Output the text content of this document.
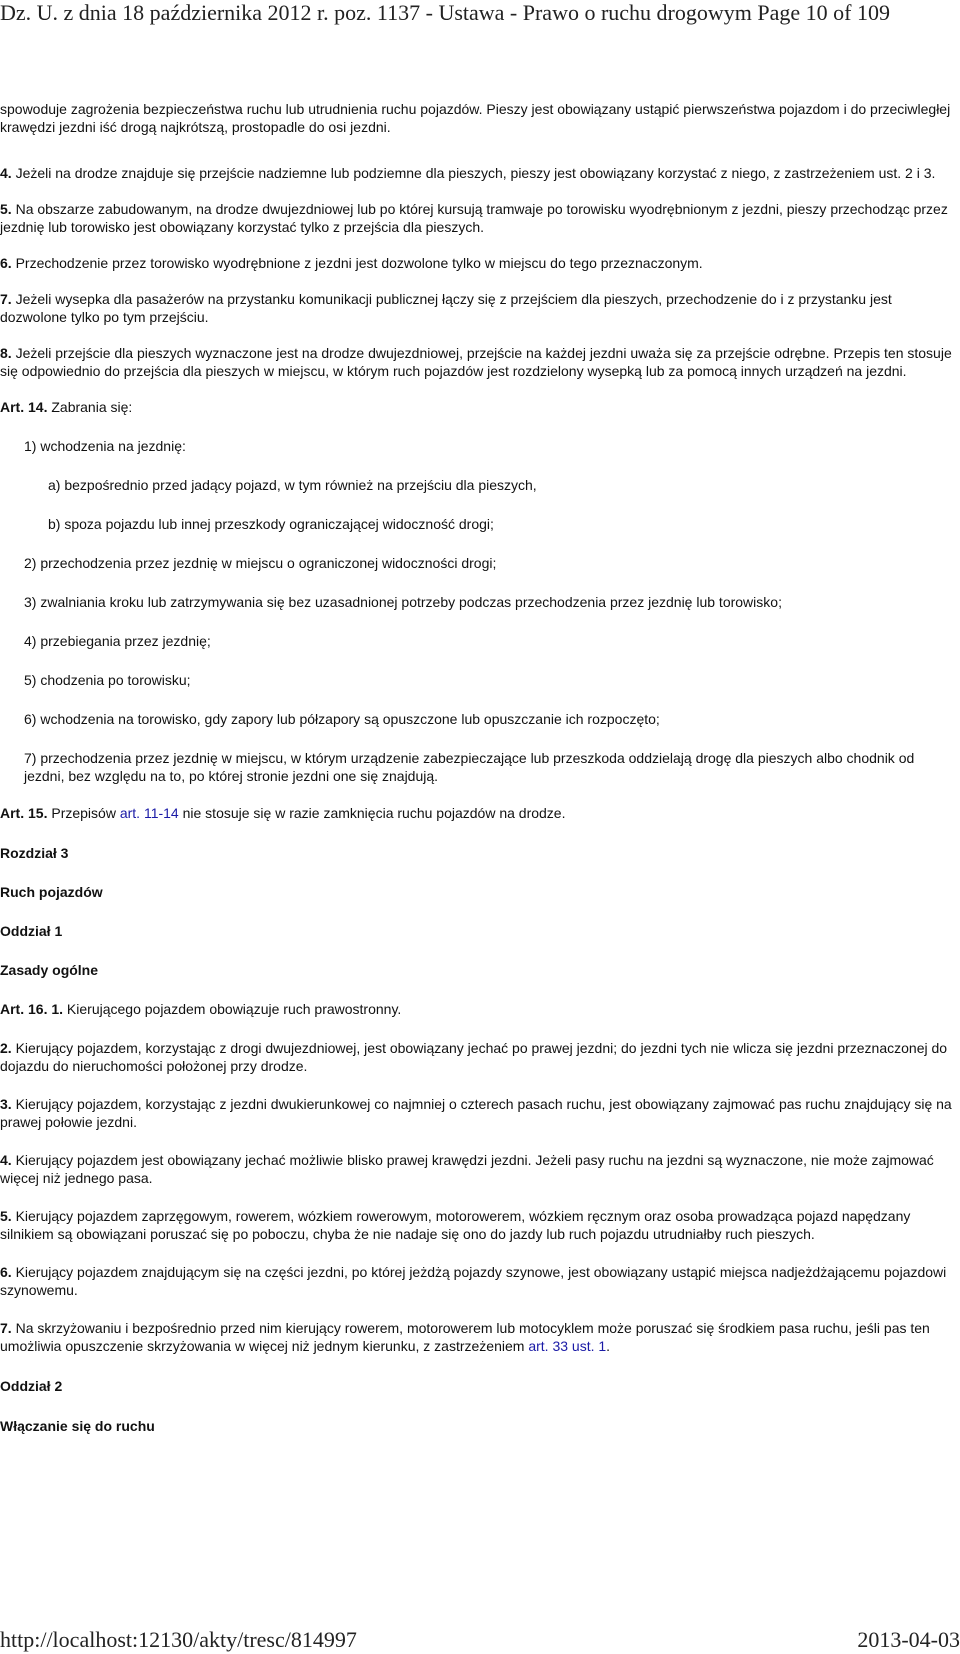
Dz. U. z dnia 18 października 2012 r. poz. 1137 - Ustawa - Prawo o ruchu drogowym Page 10 of 109

spowoduje zagrożenia bezpieczeństwa ruchu lub utrudnienia ruchu pojazdów. Pieszy jest obowiązany ustąpić pierwszeństwa pojazdom i do przeciwległej krawędzi jezdni iść drogą najkrótszą, prostopadle do osi jezdni.

4. Jeżeli na drodze znajduje się przejście nadziemne lub podziemne dla pieszych, pieszy jest obowiązany korzystać z niego, z zastrzeżeniem ust. 2 i 3.

5. Na obszarze zabudowanym, na drodze dwujezdniowej lub po której kursują tramwaje po torowisku wyodrębnionym z jezdni, pieszy przechodząc przez jezdnię lub torowisko jest obowiązany korzystać tylko z przejścia dla pieszych.

6. Przechodzenie przez torowisko wyodrębnione z jezdni jest dozwolone tylko w miejscu do tego przeznaczonym.

7. Jeżeli wysepka dla pasażerów na przystanku komunikacji publicznej łączy się z przejściem dla pieszych, przechodzenie do i z przystanku jest dozwolone tylko po tym przejściu.

8. Jeżeli przejście dla pieszych wyznaczone jest na drodze dwujezdniowej, przejście na każdej jezdni uważa się za przejście odrębne. Przepis ten stosuje się odpowiednio do przejścia dla pieszych w miejscu, w którym ruch pojazdów jest rozdzielony wysepką lub za pomocą innych urządzeń na jezdni.

Art. 14. Zabrania się:

1) wchodzenia na jezdnię:

a) bezpośrednio przed jadący pojazd, w tym również na przejściu dla pieszych,

b) spoza pojazdu lub innej przeszkody ograniczającej widoczność drogi;

2) przechodzenia przez jezdnię w miejscu o ograniczonej widoczności drogi;

3) zwalniania kroku lub zatrzymywania się bez uzasadnionej potrzeby podczas przechodzenia przez jezdnię lub torowisko;

4) przebiegania przez jezdnię;

5) chodzenia po torowisku;

6) wchodzenia na torowisko, gdy zapory lub półzapory są opuszczone lub opuszczanie ich rozpoczęto;

7) przechodzenia przez jezdnię w miejscu, w którym urządzenie zabezpieczające lub przeszkoda oddzielają drogę dla pieszych albo chodnik od jezdni, bez względu na to, po której stronie jezdni one się znajdują.

Art. 15. Przepisów art. 11-14 nie stosuje się w razie zamknięcia ruchu pojazdów na drodze.

Rozdział 3

Ruch pojazdów

Oddział 1

Zasady ogólne

Art. 16. 1. Kierującego pojazdem obowiązuje ruch prawostronny.

2. Kierujący pojazdem, korzystając z drogi dwujezdniowej, jest obowiązany jechać po prawej jezdni; do jezdni tych nie wlicza się jezdni przeznaczonej do dojazdu do nieruchomości położonej przy drodze.

3. Kierujący pojazdem, korzystając z jezdni dwukierunkowej co najmniej o czterech pasach ruchu, jest obowiązany zajmować pas ruchu znajdujący się na prawej połowie jezdni.

4. Kierujący pojazdem jest obowiązany jechać możliwie blisko prawej krawędzi jezdni. Jeżeli pasy ruchu na jezdni są wyznaczone, nie może zajmować więcej niż jednego pasa.

5. Kierujący pojazdem zaprzęgowym, rowerem, wózkiem rowerowym, motorowerem, wózkiem ręcznym oraz osoba prowadząca pojazd napędzany silnikiem są obowiązani poruszać się po poboczu, chyba że nie nadaje się ono do jazdy lub ruch pojazdu utrudniałby ruch pieszych.

6. Kierujący pojazdem znajdującym się na części jezdni, po której jeżdżą pojazdy szynowe, jest obowiązany ustąpić miejsca nadjeżdżającemu pojazdowi szynowemu.

7. Na skrzyżowaniu i bezpośrednio przed nim kierujący rowerem, motorowerem lub motocyklem może poruszać się środkiem pasa ruchu, jeśli pas ten umożliwia opuszczenie skrzyżowania w więcej niż jednym kierunku, z zastrzeżeniem art. 33 ust. 1.

Oddział 2

Włączanie się do ruchu

http://localhost:12130/akty/tresc/814997	2013-04-03
